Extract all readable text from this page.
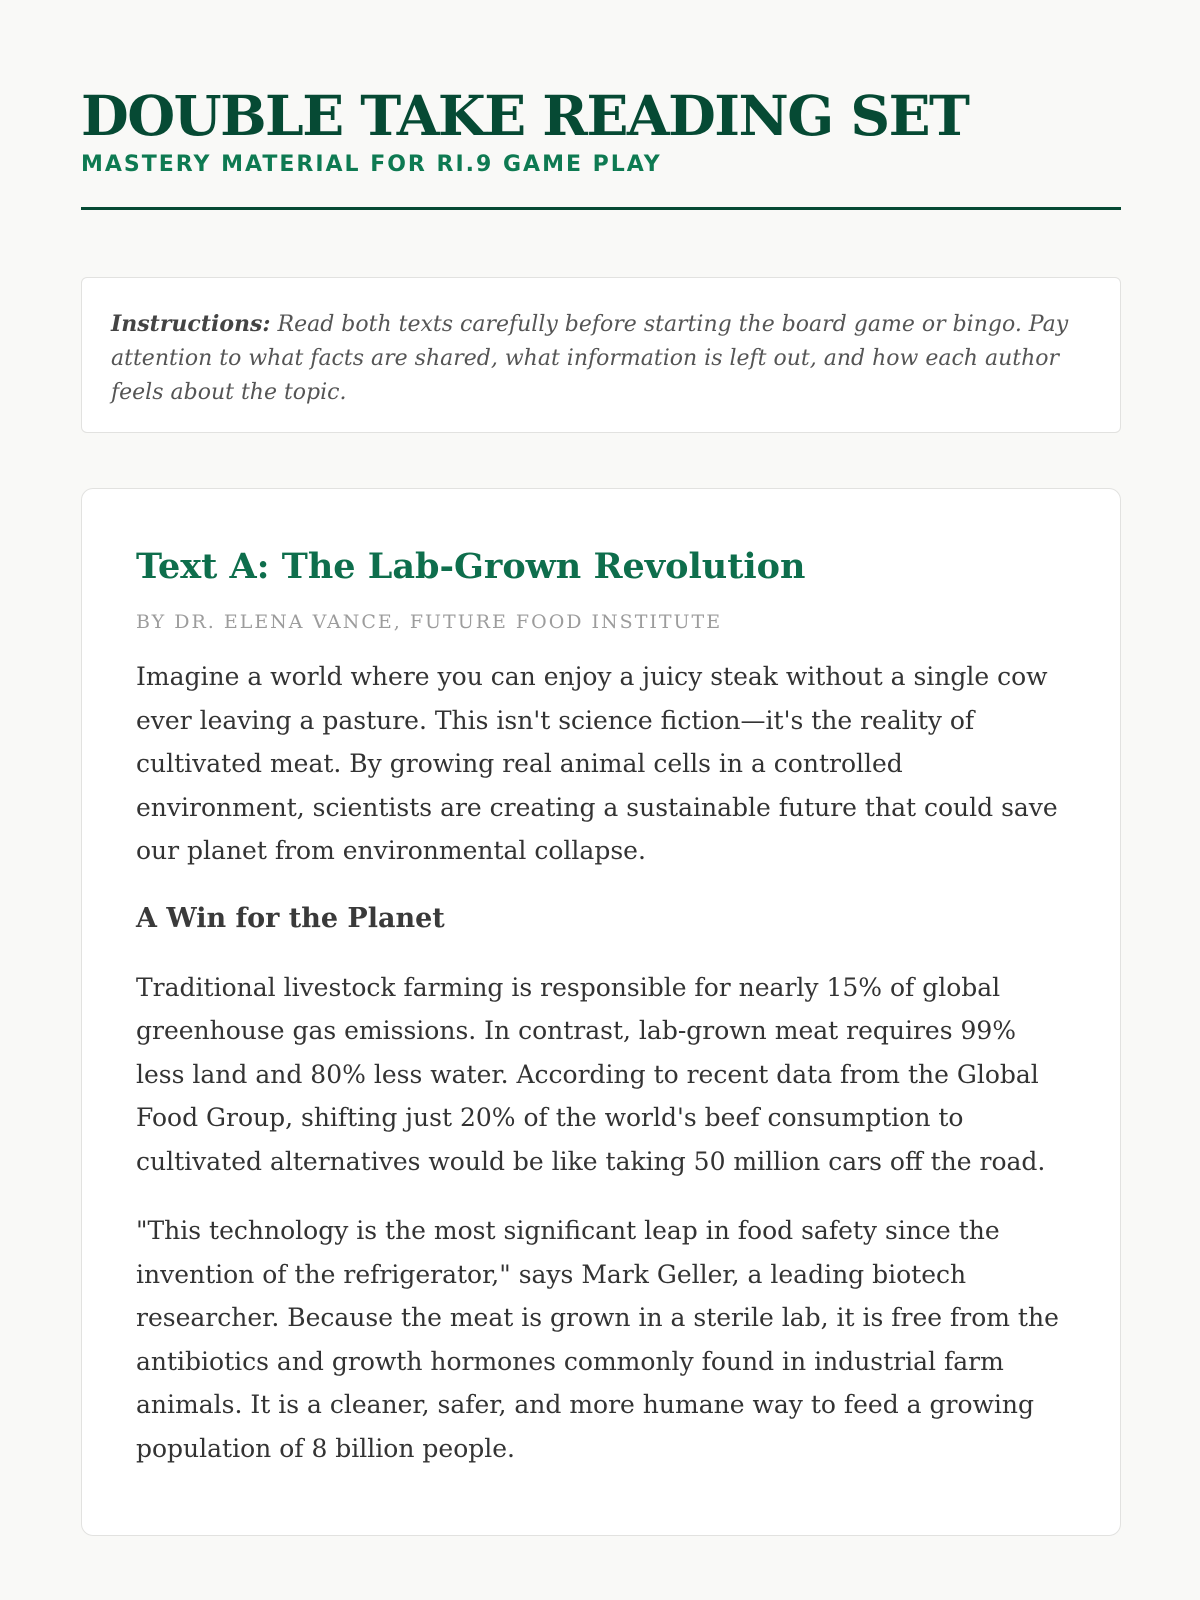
DOUBLE TAKE READING SET
MASTERY MATERIAL FOR RI.9 GAME PLAY
Instructions: Read both texts carefully before starting the board game or bingo. Pay attention to what facts are shared, what information is left out, and how each author feels about the topic.
Text A: The Lab-Grown Revolution
BY DR. ELENA VANCE, FUTURE FOOD INSTITUTE

Imagine a world where you can enjoy a juicy steak without a single cow ever leaving a pasture. This isn't science fiction—it's the reality of cultivated meat. By growing real animal cells in a controlled environment, scientists are creating a sustainable future that could save our planet from environmental collapse.

A Win for the Planet

Traditional livestock farming is responsible for nearly 15% of global greenhouse gas emissions. In contrast, lab-grown meat requires 99% less land and 80% less water. According to recent data from the Global Food Group, shifting just 20% of the world's beef consumption to cultivated alternatives would be like taking 50 million cars off the road.

"This technology is the most significant leap in food safety since the invention of the refrigerator," says Mark Geller, a leading biotech researcher. Because the meat is grown in a sterile lab, it is free from the antibiotics and growth hormones commonly found in industrial farm animals. It is a cleaner, safer, and more humane way to feed a growing population of 8 billion people.
